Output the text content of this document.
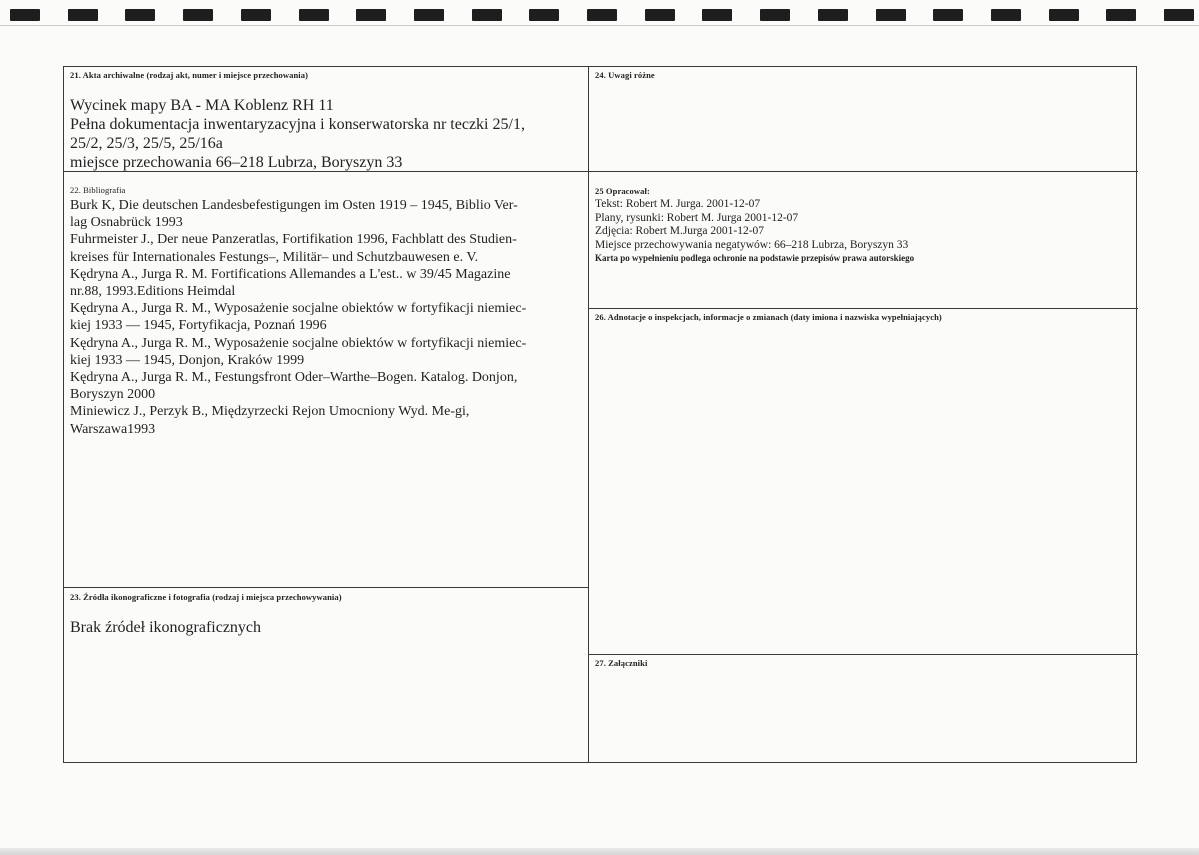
21. Akta archiwalne (rodzaj akt, numer i miejsce przechowania)
Wycinek mapy BA - MA Koblenz RH 11
Pełna dokumentacja inwentaryzacyjna i konserwatorska nr teczki 25/1,
25/2, 25/3, 25/5, 25/16a
miejsce przechowania 66–218 Lubrza, Boryszyn 33
22. Bibliografia
Burk K, Die deutschen Landesbefestigungen im Osten 1919 – 1945, Biblio Ver-
lag Osnabrück 1993
Fuhrmeister J., Der neue Panzeratlas, Fortifikation 1996, Fachblatt des Studien-
kreises für Internationales Festungs–, Militär– und Schutzbauwesen e. V.
Kędryna A., Jurga R. M. Fortifications Allemandes a L'est.. w 39/45 Magazine
nr.88, 1993.Editions Heimdal
Kędryna A., Jurga R. M., Wyposażenie socjalne obiektów w fortyfikacji niemiec-
kiej 1933 — 1945, Fortyfikacja, Poznań 1996
Kędryna A., Jurga R. M., Wyposażenie socjalne obiektów w fortyfikacji niemiec-
kiej 1933 — 1945, Donjon, Kraków 1999
Kędryna A., Jurga R. M., Festungsfront Oder–Warthe–Bogen. Katalog. Donjon,
Boryszyn 2000
Miniewicz J., Perzyk B., Międzyrzecki Rejon Umocniony Wyd. Me-gi,
Warszawa1993
23. Źródła ikonograficzne i fotografia (rodzaj i miejsca przechowywania)
Brak źródeł ikonograficznych
24. Uwagi różne
25 Opracował:
Tekst: Robert M. Jurga. 2001-12-07
Plany, rysunki: Robert M. Jurga 2001-12-07
Zdjęcia: Robert M.Jurga 2001-12-07
Miejsce przechowywania negatywów: 66–218 Lubrza, Boryszyn 33
Karta po wypełnieniu podlega ochronie na podstawie przepisów prawa autorskiego
26. Adnotacje o inspekcjach, informacje o zmianach (daty imiona i nazwiska wypełniających)
27. Załączniki
